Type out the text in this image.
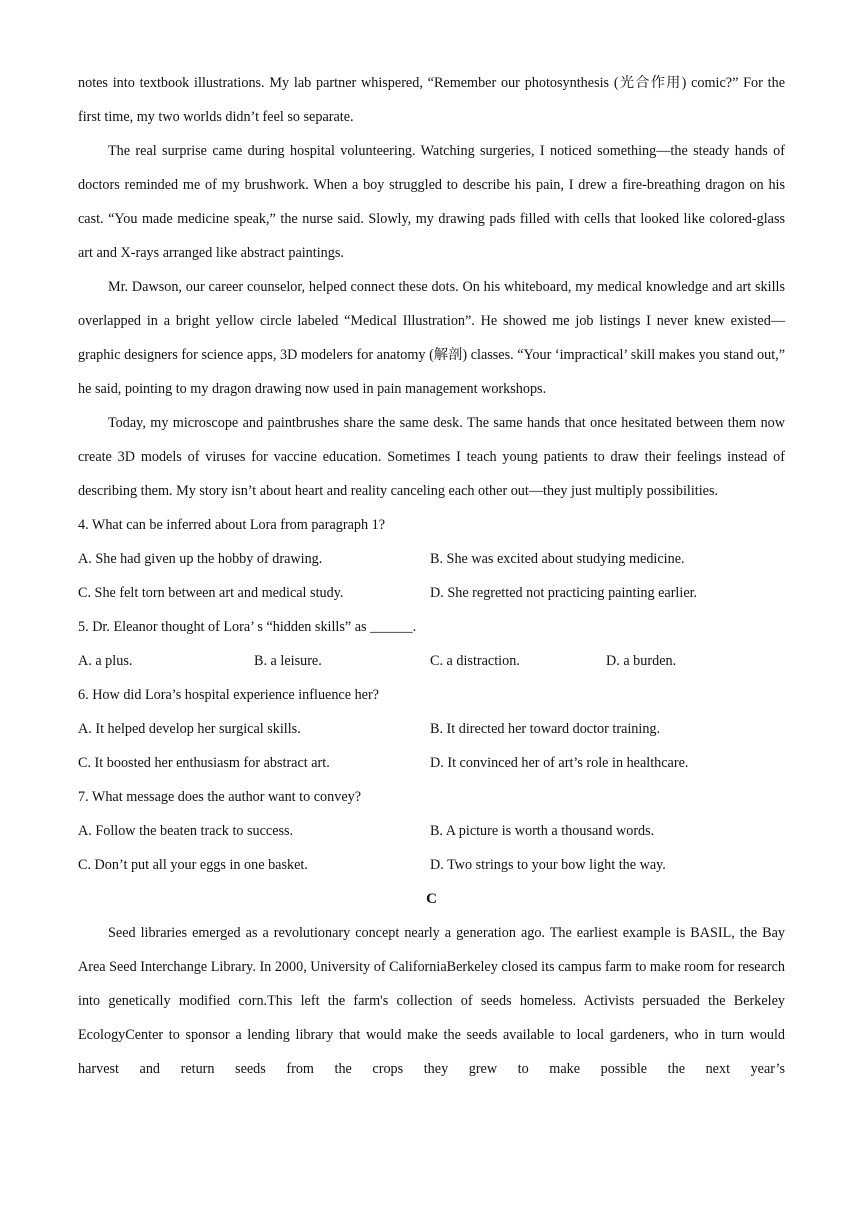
notes into textbook illustrations. My lab partner whispered, “Remember our photosynthesis (光合作用) comic?” For the first time, my two worlds didn’t feel so separate.

The real surprise came during hospital volunteering. Watching surgeries, I noticed something—the steady hands of doctors reminded me of my brushwork. When a boy struggled to describe his pain, I drew a fire-breathing dragon on his cast. “You made medicine speak,” the nurse said. Slowly, my drawing pads filled with cells that looked like colored-glass art and X-rays arranged like abstract paintings.

Mr. Dawson, our career counselor, helped connect these dots. On his whiteboard, my medical knowledge and art skills overlapped in a bright yellow circle labeled “Medical Illustration”. He showed me job listings I never knew existed—graphic designers for science apps, 3D modelers for anatomy (解剖) classes. “Your ‘impractical’ skill makes you stand out,” he said, pointing to my dragon drawing now used in pain management workshops.

Today, my microscope and paintbrushes share the same desk. The same hands that once hesitated between them now create 3D models of viruses for vaccine education. Sometimes I teach young patients to draw their feelings instead of describing them. My story isn’t about heart and reality canceling each other out—they just multiply possibilities.

4. What can be inferred about Lora from paragraph 1?

A. She had given up the hobby of drawing.	B. She was excited about studying medicine.
C. She felt torn between art and medical study.	D. She regretted not practicing painting earlier.

5. Dr. Eleanor thought of Lora’ s “hidden skills” as ______.

A. a plus.	B. a leisure.	C. a distraction.	D. a burden.

6. How did Lora’s hospital experience influence her?

A. It helped develop her surgical skills.	B. It directed her toward doctor training.
C. It boosted her enthusiasm for abstract art.	D. It convinced her of art’s role in healthcare.

7. What message does the author want to convey?

A. Follow the beaten track to success.	B. A picture is worth a thousand words.
C. Don’t put all your eggs in one basket.	D. Two strings to your bow light the way.

C

Seed libraries emerged as a revolutionary concept nearly a generation ago. The earliest example is BASIL, the Bay Area Seed Interchange Library. In 2000, University of CaliforniaBerkeley closed its campus farm to make room for research into genetically modified corn.This left the farm's collection of seeds homeless. Activists persuaded the Berkeley EcologyCenter to sponsor a lending library that would make the seeds available to local gardeners, who in turn would harvest and return seeds from the crops they grew to make possible the next year’s
